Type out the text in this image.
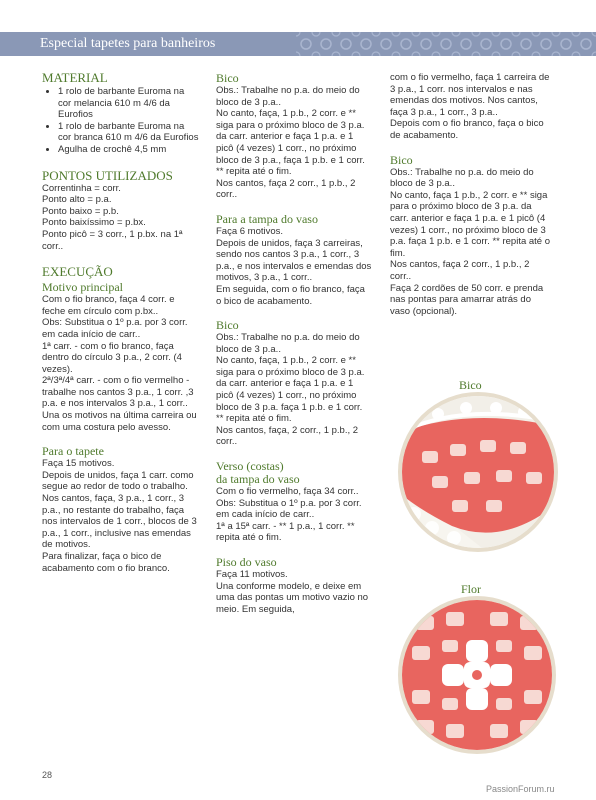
Especial tapetes para banheiros

MATERIAL

• 1 rolo de barbante Euroma na cor melancia 610 m 4/6 da Eurofios
• 1 rolo de barbante Euroma na cor branca 610 m 4/6 da Eurofios
• Agulha de crochê 4,5 mm

PONTOS UTILIZADOS

Correntinha = corr.

Ponto alto = p.a.

Ponto baixo = p.b.

Ponto baixíssimo = p.bx.

Ponto picô = 3 corr., 1 p.bx. na 1ª corr..

EXECUÇÃO

Motivo principal

Com o fio branco, faça 4 corr. e feche em círculo com p.bx..

Obs: Substitua o 1º p.a. por 3 corr. em cada início de carr..

1ª carr. - com o fio branco, faça dentro do círculo 3 p.a., 2 corr. (4 vezes).

2ª/3ª/4ª carr. - com o fio vermelho - trabalhe nos cantos 3 p.a., 1 corr. ,3 p.a. e nos intervalos 3 p.a., 1 corr..

Una os motivos na última carreira ou com uma costura pelo avesso.

Para o tapete

Faça 15 motivos.

Depois de unidos, faça 1 carr. como segue ao redor de todo o trabalho.

Nos cantos, faça, 3 p.a., 1 corr., 3 p.a., no restante do trabalho, faça nos intervalos de 1 corr., blocos de 3 p.a., 1 corr., inclusive nas emendas de motivos.

Para finalizar, faça o bico de acabamento com o fio branco.

Bico

Obs.: Trabalhe no p.a. do meio do bloco de 3 p.a..

No canto, faça, 1 p.b., 2 corr. e ** siga para o próximo bloco de 3 p.a. da carr. anterior e faça 1 p.a. e 1 picô (4 vezes) 1 corr., no próximo bloco de 3 p.a., faça 1 p.b. e 1 corr. ** repita até o fim.

Nos cantos, faça 2 corr., 1 p.b., 2 corr..

Para a tampa do vaso

Faça 6 motivos.

Depois de unidos, faça 3 carreiras, sendo nos cantos 3 p.a., 1 corr., 3 p.a., e nos intervalos e emendas dos motivos, 3 p.a., 1 corr..

Em seguida, com o fio branco, faça o bico de acabamento.

Bico

Obs.: Trabalhe no p.a. do meio do bloco de 3 p.a..

No canto, faça, 1 p.b., 2 corr. e ** siga para o próximo bloco de 3 p.a. da carr. anterior e faça 1 p.a. e 1 picô (4 vezes) 1 corr., no próximo bloco de 3 p.a. faça 1 p.b. e 1 corr. ** repita até o fim.

Nos cantos, faça, 2 corr., 1 p.b., 2 corr..

Verso (costas)

da tampa do vaso

Com o fio vermelho, faça 34 corr..

Obs: Substitua o 1º p.a. por 3 corr. em cada início de carr..

1ª a 15ª carr. - ** 1 p.a., 1 corr. ** repita até o fim.

Piso do vaso

Faça 11 motivos.

Una conforme modelo, e deixe em uma das pontas um motivo vazio no meio. Em seguida,

com o fio vermelho, faça 1 carreira de 3 p.a., 1 corr. nos intervalos e nas emendas dos motivos. Nos cantos, faça 3 p.a., 1 corr., 3 p.a..

Depois com o fio branco, faça o bico de acabamento.

Bico

Obs.: Trabalhe no p.a. do meio do bloco de 3 p.a..

No canto, faça 1 p.b., 2 corr. e ** siga para o próximo bloco de 3 p.a. da carr. anterior e faça 1 p.a. e 1 picô (4 vezes) 1 corr., no próximo bloco de 3 p.a. faça 1 p.b. e 1 corr. ** repita até o fim.

Nos cantos, faça 2 corr., 1 p.b., 2 corr..

Faça 2 cordões de 50 corr. e prenda nas pontas para amarrar atrás do vaso (opcional).

Bico
Flor
28
PassionForum.ru
